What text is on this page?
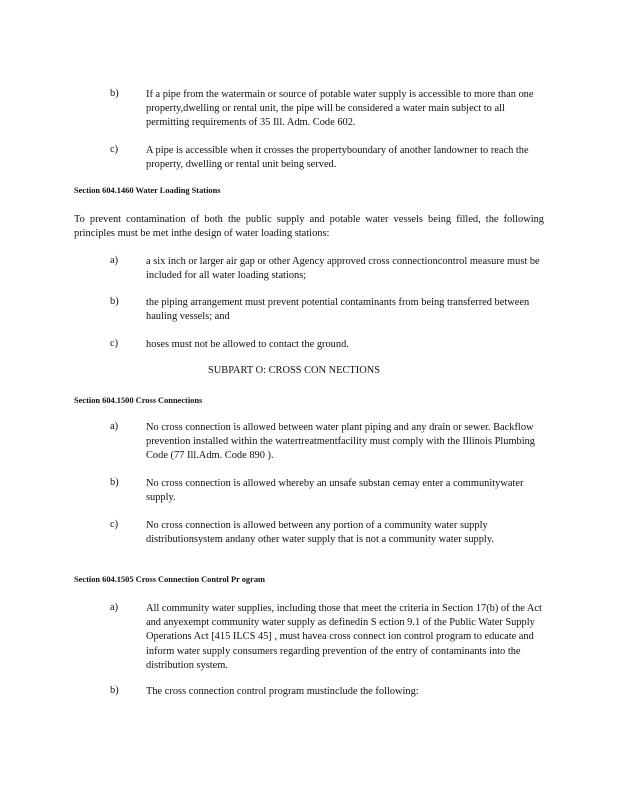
b)	If a pipe from the watermain or source of potable water supply is accessible to more than one property,dwelling or rental unit, the pipe will be considered a water main subject to all permitting requirements of 35 Ill. Adm. Code 602.
c)	A pipe is accessible when it crosses the propertyboundary of another landowner to reach the property, dwelling or rental unit being served.
Section 604.1460 Water Loading Stations
To prevent contamination of both the public supply and potable water vessels being filled, the following principles must be met inthe design of water loading stations:
a)	a six inch or larger air gap or other Agency approved cross connectioncontrol measure must be included for all water loading stations;
b)	the piping arrangement must prevent potential contaminants from being transferred between hauling vessels; and
c)	hoses must not be allowed to contact the ground.
SUBPART O: CROSS CON NECTIONS
Section 604.1500 Cross Connections
a)	No cross connection is allowed between water plant piping and any drain or sewer. Backflow prevention installed within the watertreatmentfacility must comply with the Illinois Plumbing Code (77 Ill.Adm. Code 890 ).
b)	No cross connection is allowed whereby an unsafe substan cemay enter a communitywater supply.
c)	No cross connection is allowed between any portion of a community water supply distributionsystem andany other water supply that is not a community water supply.
Section 604.1505 Cross Connection Control Pr ogram
a)	All community water supplies, including those that meet the criteria in Section 17(b) of the Act and anyexempt community water supply as definedin S ection 9.1 of the Public Water Supply Operations Act [415 ILCS 45] , must havea cross connect ion control program to educate and inform water supply consumers regarding prevention of the entry of contaminants into the distribution system.
b)	The cross connection control program mustinclude the following:
